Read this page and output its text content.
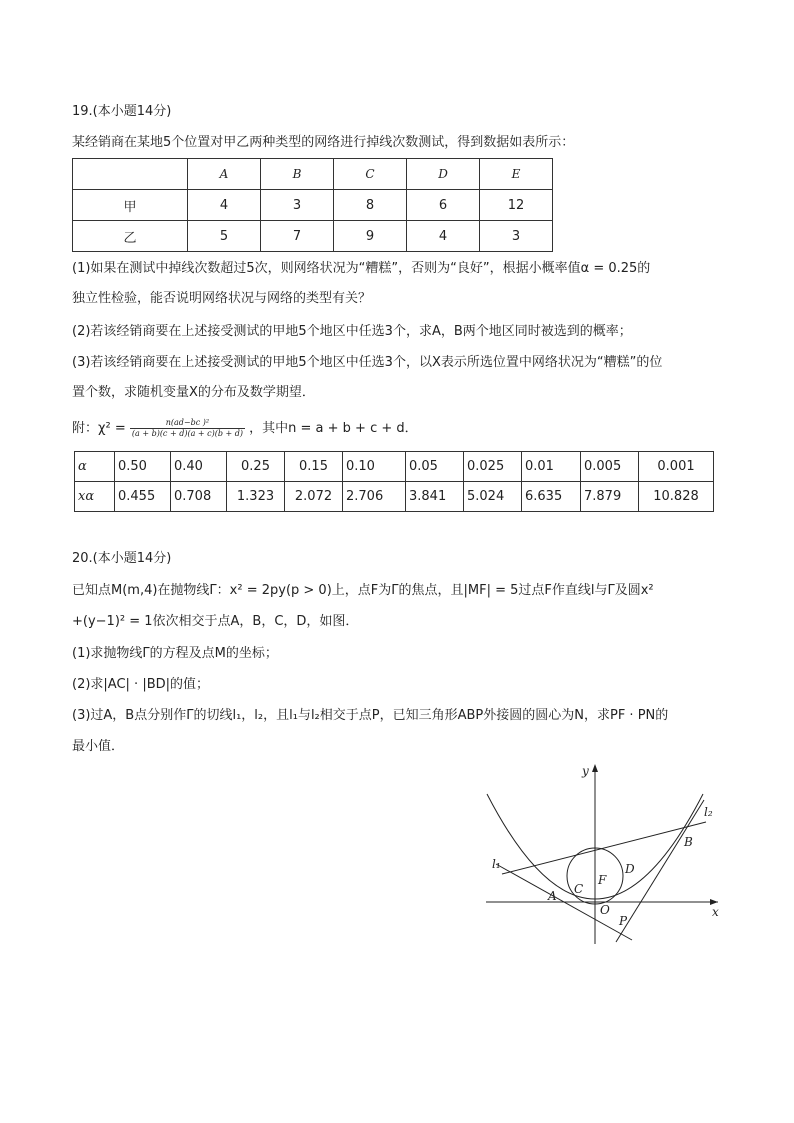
19.(本小题14分)
某经销商在某地5个位置对甲乙两种类型的网络进行掉线次数测试，得到数据如表所示：
	A	B	C	D	E
甲	4	3	8	6	12
乙	5	7	9	4	3
(1)如果在测试中掉线次数超过5次，则网络状况为“糟糕”，否则为“良好”，根据小概率值α = 0.25的
独立性检验，能否说明网络状况与网络的类型有关？
(2)若该经销商要在上述接受测试的甲地5个地区中任选3个，求A，B两个地区同时被选到的概率；
(3)若该经销商要在上述接受测试的甲地5个地区中任选3个，以X表示所选位置中网络状况为“糟糕”的位
置个数，求随机变量X的分布及数学期望．
附：$\chi^2 = \frac{\text{n(ad−bc )²}}{(a + b)(c + d)(a + c)(b + d)}$ ，其中n = a + b + c + d．
α	0.50	0.40	0.25	0.15	0.10	0.05	0.025	0.01	0.005	0.001
xα	0.455	0.708	1.323	2.072	2.706	3.841	5.024	6.635	7.879	10.828
20.(本小题14分)
已知点M(m,4)在抛物线Γ：x² = 2py(p > 0)上，点F为Γ的焦点，且|MF| = 5过点F作直线l与Γ及圆x²
+(y−1)² = 1依次相交于点A，B，C，D，如图．
(1)求抛物线Γ的方程及点M的坐标；
(2)求|AC| · |BD|的值；
(3)过A，B点分别作Γ的切线l₁，l₂，且l₁与l₂相交于点P，已知三角形ABP外接圆的圆心为N，求PF · PN的
最小值．
y
x
l₁
l₂
A
B
C
D
F
O
P
